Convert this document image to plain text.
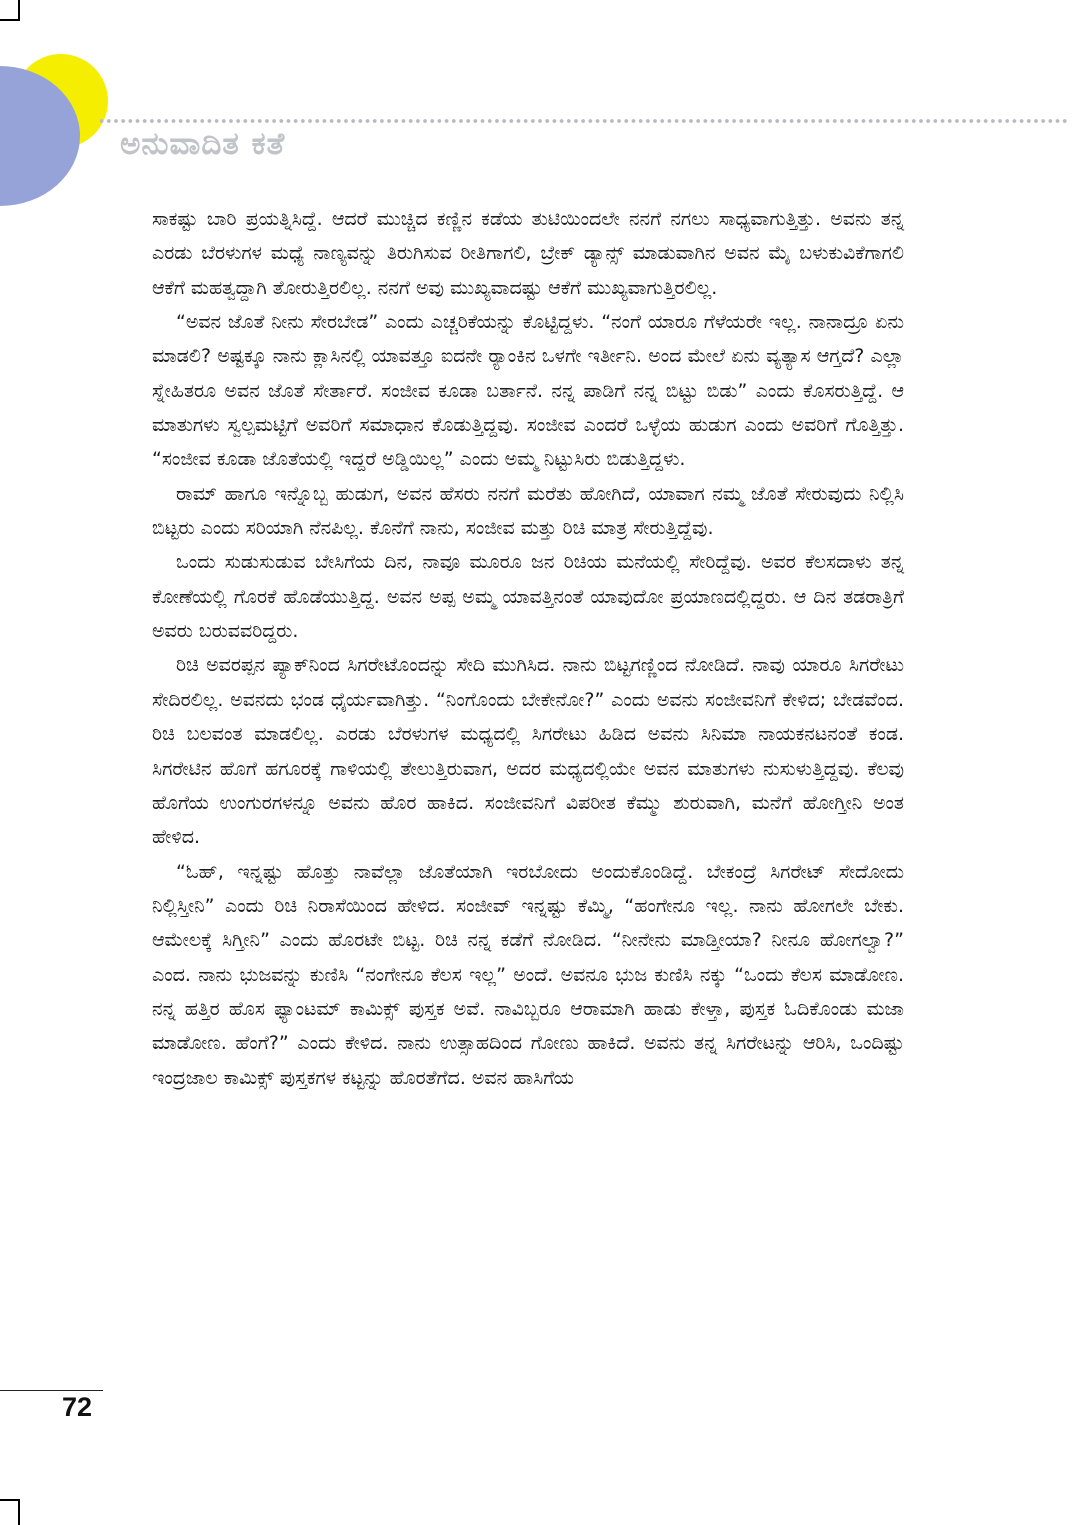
ಅನುವಾದಿತ ಕತೆ

ಸಾಕಷ್ಟು ಬಾರಿ ಪ್ರಯತ್ನಿಸಿದ್ದೆ. ಆದರೆ ಮುಚ್ಚಿದ ಕಣ್ಣಿನ ಕಡೆಯ ತುಟಿಯಿಂದಲೇ ನನಗೆ ನಗಲು ಸಾಧ್ಯವಾಗುತ್ತಿತ್ತು. ಅವನು ತನ್ನ ಎರಡು ಬೆರಳುಗಳ ಮಧ್ಯೆ ನಾಣ್ಯವನ್ನು ತಿರುಗಿಸುವ ರೀತಿಗಾಗಲಿ, ಬ್ರೇಕ್ ಡ್ಯಾನ್ಸ್ ಮಾಡುವಾಗಿನ ಅವನ ಮೈ ಬಳುಕುವಿಕೆಗಾಗಲಿ ಆಕೆಗೆ ಮಹತ್ವದ್ದಾಗಿ ತೋರುತ್ತಿರಲಿಲ್ಲ. ನನಗೆ ಅವು ಮುಖ್ಯವಾದಷ್ಟು ಆಕೆಗೆ ಮುಖ್ಯವಾಗುತ್ತಿರಲಿಲ್ಲ.

“ಅವನ ಜೊತೆ ನೀನು ಸೇರಬೇಡ” ಎಂದು ಎಚ್ಚರಿಕೆಯನ್ನು ಕೊಟ್ಟಿದ್ದಳು. “ನಂಗೆ ಯಾರೂ ಗೆಳೆಯರೇ ಇಲ್ಲ. ನಾನಾದ್ರೂ ಏನು ಮಾಡಲಿ? ಅಷ್ಟಕ್ಕೂ ನಾನು ಕ್ಲಾಸಿನಲ್ಲಿ ಯಾವತ್ತೂ ಐದನೇ ರ‍್ಯಾಂಕಿನ ಒಳಗೇ ಇರ್ತೀನಿ. ಅಂದ ಮೇಲೆ ಏನು ವ್ಯತ್ಯಾಸ ಆಗ್ತದೆ? ಎಲ್ಲಾ ಸ್ನೇಹಿತರೂ ಅವನ ಜೊತೆ ಸೇರ್ತಾರೆ. ಸಂಜೀವ ಕೂಡಾ ಬರ್ತಾನೆ. ನನ್ನ ಪಾಡಿಗೆ ನನ್ನ ಬಿಟ್ಟು ಬಿಡು” ಎಂದು ಕೊಸರುತ್ತಿದ್ದೆ. ಆ ಮಾತುಗಳು ಸ್ವಲ್ಪಮಟ್ಟಿಗೆ ಅವರಿಗೆ ಸಮಾಧಾನ ಕೊಡುತ್ತಿದ್ದವು. ಸಂಜೀವ ಎಂದರೆ ಒಳ್ಳೆಯ ಹುಡುಗ ಎಂದು ಅವರಿಗೆ ಗೊತ್ತಿತ್ತು. “ಸಂಜೀವ ಕೂಡಾ ಜೊತೆಯಲ್ಲಿ ಇದ್ದರೆ ಅಡ್ಡಿಯಿಲ್ಲ” ಎಂದು ಅಮ್ಮ ನಿಟ್ಟುಸಿರು ಬಿಡುತ್ತಿದ್ದಳು.

ರಾಮ್ ಹಾಗೂ ಇನ್ನೊಬ್ಬ ಹುಡುಗ, ಅವನ ಹೆಸರು ನನಗೆ ಮರೆತು ಹೋಗಿದೆ, ಯಾವಾಗ ನಮ್ಮ ಜೊತೆ ಸೇರುವುದು ನಿಲ್ಲಿಸಿ ಬಿಟ್ಟರು ಎಂದು ಸರಿಯಾಗಿ ನೆನಪಿಲ್ಲ. ಕೊನೆಗೆ ನಾನು, ಸಂಜೀವ ಮತ್ತು ರಿಚಿ ಮಾತ್ರ ಸೇರುತ್ತಿದ್ದೆವು.

ಒಂದು ಸುಡುಸುಡುವ ಬೇಸಿಗೆಯ ದಿನ, ನಾವೂ ಮೂರೂ ಜನ ರಿಚಿಯ ಮನೆಯಲ್ಲಿ ಸೇರಿದ್ದೆವು. ಅವರ ಕೆಲಸದಾಳು ತನ್ನ ಕೋಣೆಯಲ್ಲಿ ಗೊರಕೆ ಹೊಡೆಯುತ್ತಿದ್ದ. ಅವನ ಅಪ್ಪ ಅಮ್ಮ ಯಾವತ್ತಿನಂತೆ ಯಾವುದೋ ಪ್ರಯಾಣದಲ್ಲಿದ್ದರು. ಆ ದಿನ ತಡರಾತ್ರಿಗೆ ಅವರು ಬರುವವರಿದ್ದರು.

ರಿಚಿ ಅವರಪ್ಪನ ಪ್ಯಾಕ್‌ನಿಂದ ಸಿಗರೇಟೊಂದನ್ನು ಸೇದಿ ಮುಗಿಸಿದ. ನಾನು ಬಿಟ್ಟಗಣ್ಣಿಂದ ನೋಡಿದೆ. ನಾವು ಯಾರೂ ಸಿಗರೇಟು ಸೇದಿರಲಿಲ್ಲ. ಅವನದು ಭಂಡ ಧೈರ್ಯವಾಗಿತ್ತು. “ನಿಂಗೊಂದು ಬೇಕೇನೋ?” ಎಂದು ಅವನು ಸಂಜೀವನಿಗೆ ಕೇಳಿದ; ಬೇಡವೆಂದ. ರಿಚಿ ಬಲವಂತ ಮಾಡಲಿಲ್ಲ. ಎರಡು ಬೆರಳುಗಳ ಮಧ್ಯದಲ್ಲಿ ಸಿಗರೇಟು ಹಿಡಿದ ಅವನು ಸಿನಿಮಾ ನಾಯಕನಟನಂತೆ ಕಂಡ. ಸಿಗರೇಟಿನ ಹೊಗೆ ಹಗೂರಕ್ಕೆ ಗಾಳಿಯಲ್ಲಿ ತೇಲುತ್ತಿರುವಾಗ, ಅದರ ಮಧ್ಯದಲ್ಲಿಯೇ ಅವನ ಮಾತುಗಳು ನುಸುಳುತ್ತಿದ್ದವು. ಕೆಲವು ಹೊಗೆಯ ಉಂಗುರಗಳನ್ನೂ ಅವನು ಹೊರ ಹಾಕಿದ. ಸಂಜೀವನಿಗೆ ವಿಪರೀತ ಕೆಮ್ಮು ಶುರುವಾಗಿ, ಮನೆಗೆ ಹೋಗ್ತೀನಿ ಅಂತ ಹೇಳಿದ.

“ಓಹ್, ಇನ್ನಷ್ಟು ಹೊತ್ತು ನಾವೆಲ್ಲಾ ಜೊತೆಯಾಗಿ ಇರಬೋದು ಅಂದುಕೊಂಡಿದ್ದೆ. ಬೇಕಂದ್ರೆ ಸಿಗರೇಟ್ ಸೇದೋದು ನಿಲ್ಲಿಸ್ತೀನಿ” ಎಂದು ರಿಚಿ ನಿರಾಸೆಯಿಂದ ಹೇಳಿದ. ಸಂಜೀವ್ ಇನ್ನಷ್ಟು ಕೆಮ್ಮಿ, “ಹಂಗೇನೂ ಇಲ್ಲ. ನಾನು ಹೋಗಲೇ ಬೇಕು. ಆಮೇಲಕ್ಕೆ ಸಿಗ್ತೀನಿ” ಎಂದು ಹೊರಟೇ ಬಿಟ್ಟ. ರಿಚಿ ನನ್ನ ಕಡೆಗೆ ನೋಡಿದ. “ನೀನೇನು ಮಾಡ್ತೀಯಾ? ನೀನೂ ಹೋಗಲ್ವಾ?” ಎಂದ. ನಾನು ಭುಜವನ್ನು ಕುಣಿಸಿ “ನಂಗೇನೂ ಕೆಲಸ ಇಲ್ಲ” ಅಂದೆ. ಅವನೂ ಭುಜ ಕುಣಿಸಿ ನಕ್ಕು “ಒಂದು ಕೆಲಸ ಮಾಡೋಣ. ನನ್ನ ಹತ್ತಿರ ಹೊಸ ಫ್ಯಾಂಟಮ್ ಕಾಮಿಕ್ಸ್ ಪುಸ್ತಕ ಅವೆ. ನಾವಿಬ್ಬರೂ ಆರಾಮಾಗಿ ಹಾಡು ಕೇಳ್ತಾ, ಪುಸ್ತಕ ಓದಿಕೊಂಡು ಮಜಾ ಮಾಡೋಣ. ಹೆಂಗೆ?” ಎಂದು ಕೇಳಿದ. ನಾನು ಉತ್ಸಾಹದಿಂದ ಗೋಣು ಹಾಕಿದೆ. ಅವನು ತನ್ನ ಸಿಗರೇಟನ್ನು ಆರಿಸಿ, ಒಂದಿಷ್ಟು ಇಂದ್ರಜಾಲ ಕಾಮಿಕ್ಸ್ ಪುಸ್ತಕಗಳ ಕಟ್ಟನ್ನು ಹೊರತೆಗೆದ. ಅವನ ಹಾಸಿಗೆಯ

72
